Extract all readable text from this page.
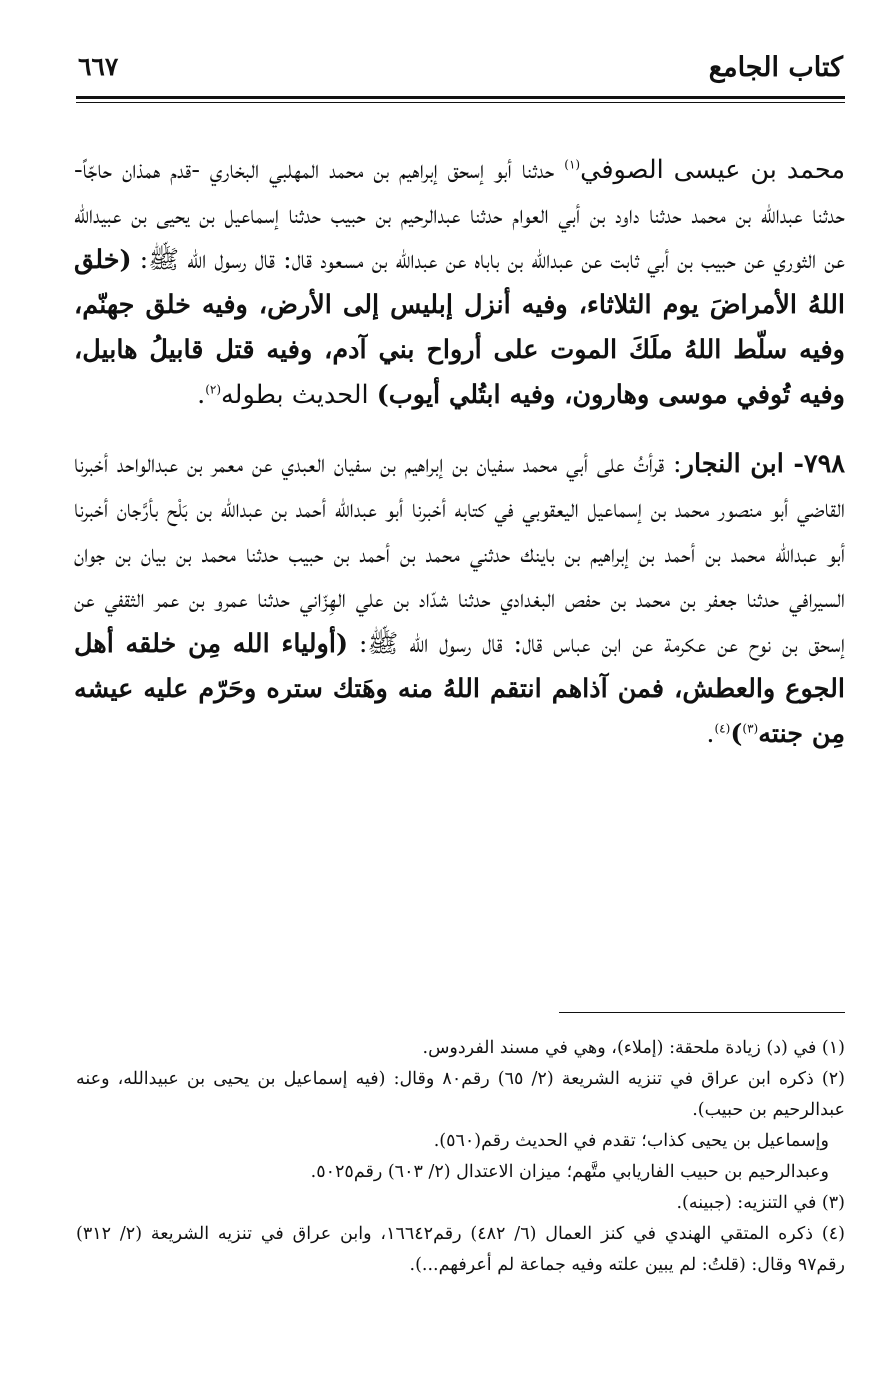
كتاب الجامع
٦٦٧

محمد بن عيسى الصوفي$^{(١)}$ حدثنا أبو إسحق إبراهيم بن محمد المهلبي البخاري -قدم همذان حاجّاً- حدثنا عبدالله بن محمد حدثنا داود بن أبي العوام حدثنا عبدالرحيم بن حبيب حدثنا إسماعيل بن يحيى بن عبيدالله عن الثوري عن حبيب بن أبي ثابت عن عبدالله بن باباه عن عبدالله بن مسعود قال: قال رسول الله ﷺ: (خلق اللهُ الأمراضَ يوم الثلاثاء، وفيه أنزل إبليس إلى الأرض، وفيه خلق جهنّم، وفيه سلّط اللهُ ملَكَ الموت على أرواح بني آدم، وفيه قتل قابيلُ هابيل، وفيه تُوفي موسى وهارون، وفيه ابتُلي أيوب) الحديث بطوله$^{(٢)}$.

٧٩٨- ابن النجار: قرأتُ على أبي محمد سفيان بن إبراهيم بن سفيان العبدي عن معمر بن عبدالواحد أخبرنا القاضي أبو منصور محمد بن إسماعيل اليعقوبي في كتابه أخبرنا أبو عبدالله أحمد بن عبدالله بن بَلْح بأرَّجان أخبرنا أبو عبدالله محمد بن أحمد بن إبراهيم بن باينك حدثني محمد بن أحمد بن حبيب حدثنا محمد بن بيان بن جوان السيرافي حدثنا جعفر بن محمد بن حفص البغدادي حدثنا شدّاد بن علي الهِزّاني حدثنا عمرو بن عمر الثقفي عن إسحق بن نوح عن عكرمة عن ابن عباس قال: قال رسول الله ﷺ: (أولياء الله مِن خلقه أهل الجوع والعطش، فمن آذاهم انتقم اللهُ منه وهَتك ستره وحَرّم عليه عيشه مِن جنته$^{(٣)}$)$^{(٤)}$.

(١) في (د) زيادة ملحقة: (إملاء)، وهي في مسند الفردوس.

(٢) ذكره ابن عراق في تنزيه الشريعة (٢/ ٦٥) رقم٨٠ وقال: (فيه إسماعيل بن يحيى بن عبيدالله، وعنه عبدالرحيم بن حبيب).

وإسماعيل بن يحيى كذاب؛ تقدم في الحديث رقم(٥٦٠).

وعبدالرحيم بن حبيب الفاريابي متَّهم؛ ميزان الاعتدال (٢/ ٦٠٣) رقم٥٠٢٥.

(٣) في التنزيه: (جبينه).

(٤) ذكره المتقي الهندي في كنز العمال (٦/ ٤٨٢) رقم١٦٦٤٢، وابن عراق في تنزيه الشريعة (٢/ ٣١٢) رقم٩٧ وقال: (قلتُ: لم يبين علته وفيه جماعة لم أعرفهم...).
